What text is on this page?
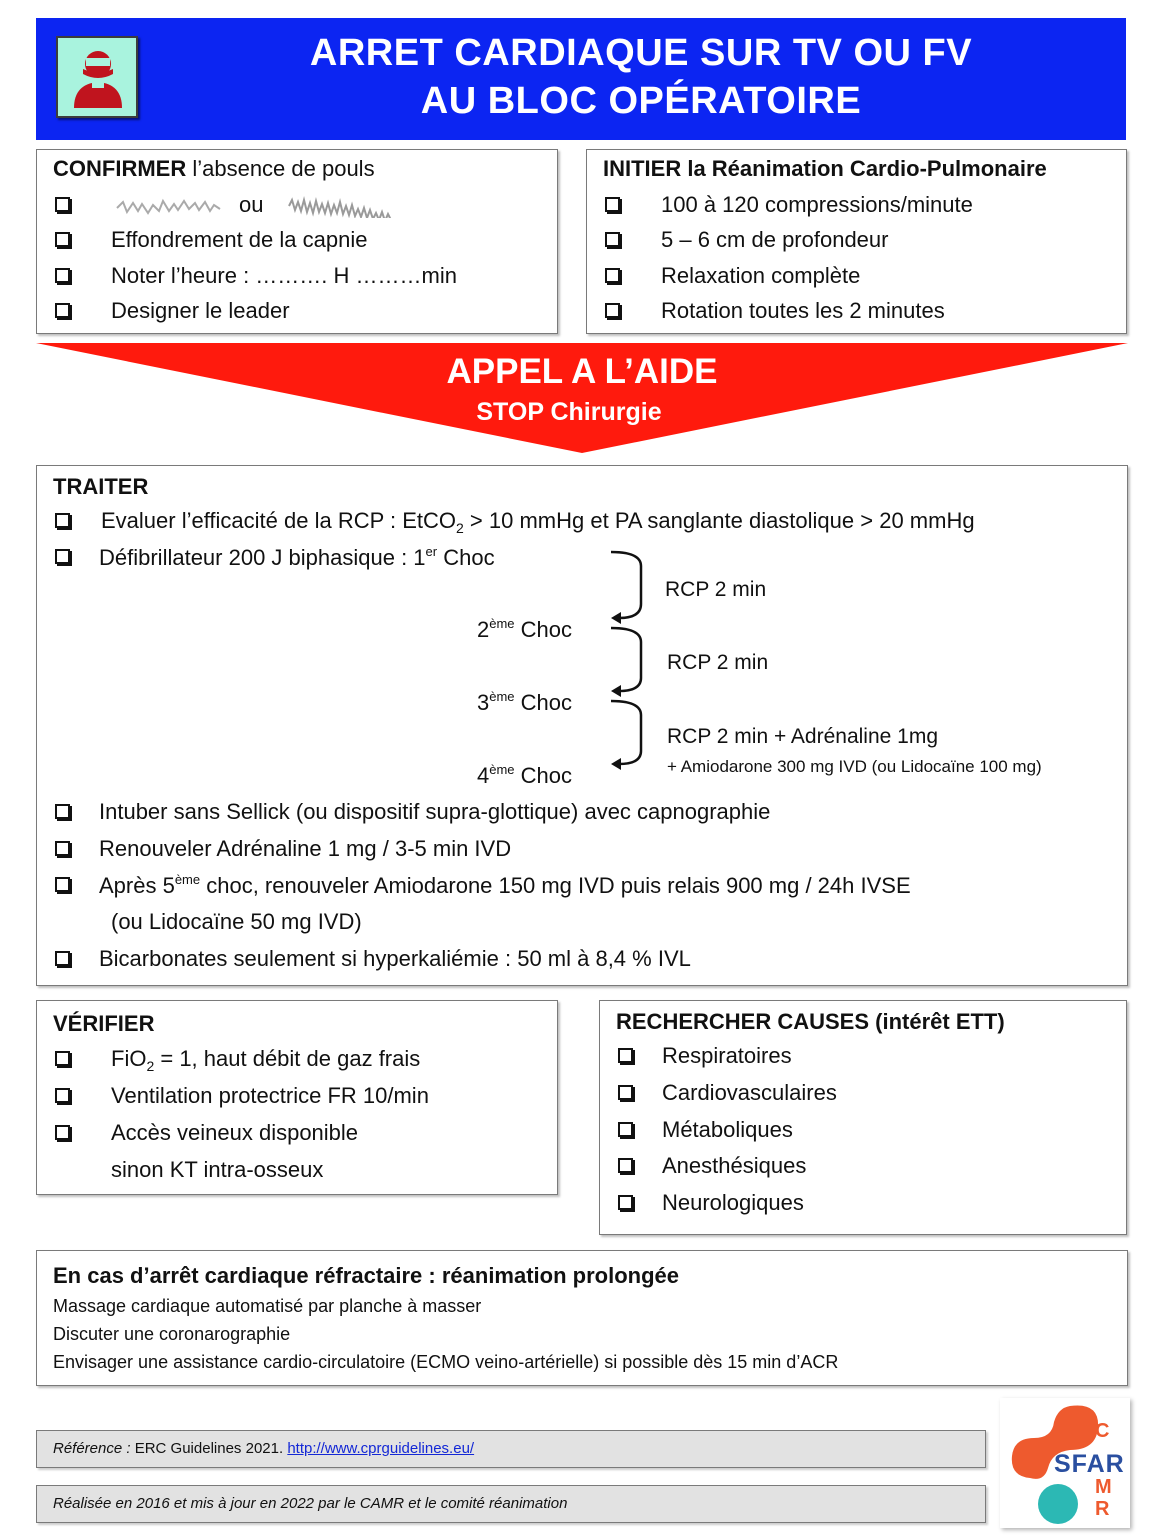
ARRET CARDIAQUE SUR TV OU FV
AU BLOC OPÉRATOIRE
CONFIRMER l’absence de pouls
ou
Effondrement de la capnie
Noter l’heure : ………. H ………min
Designer le leader
INITIER la Réanimation Cardio-Pulmonaire
100 à 120 compressions/minute
5 – 6 cm de profondeur
Relaxation complète
Rotation toutes les 2 minutes
APPEL A L’AIDE
STOP Chirurgie
TRAITER
Evaluer l’efficacité de la RCP : EtCO$_2$ > 10 mmHg et PA sanglante diastolique > 20 mmHg
Défibrillateur 200 J biphasique : 1er Choc
2ème Choc
3ème Choc
4ème Choc
RCP 2 min
RCP 2 min
RCP 2 min + Adrénaline 1mg
+ Amiodarone 300 mg IVD (ou Lidocaïne 100 mg)
Intuber sans Sellick (ou dispositif supra-glottique) avec capnographie
Renouveler Adrénaline 1 mg / 3-5 min IVD
Après 5ème choc, renouveler Amiodarone 150 mg IVD puis relais 900 mg / 24h IVSE
(ou Lidocaïne 50 mg IVD)
Bicarbonates seulement si hyperkaliémie : 50 ml à 8,4 % IVL
VÉRIFIER
FiO$_2$ = 1, haut débit de gaz frais
Ventilation protectrice FR 10/min
Accès veineux disponible
sinon KT intra-osseux
RECHERCHER CAUSES (intérêt ETT)
Respiratoires
Cardiovasculaires
Métaboliques
Anesthésiques
Neurologiques
En cas d’arrêt cardiaque réfractaire : réanimation prolongée
Massage cardiaque automatisé par planche à masser
Discuter une coronarographie
Envisager une assistance cardio-circulatoire (ECMO veino-artérielle) si possible dès 15 min d’ACR
Référence : ERC Guidelines 2021. http://www.cprguidelines.eu/
Réalisée en 2016 et mis à jour en 2022 par le CAMR et le comité réanimation
SFAR
C
M
R
